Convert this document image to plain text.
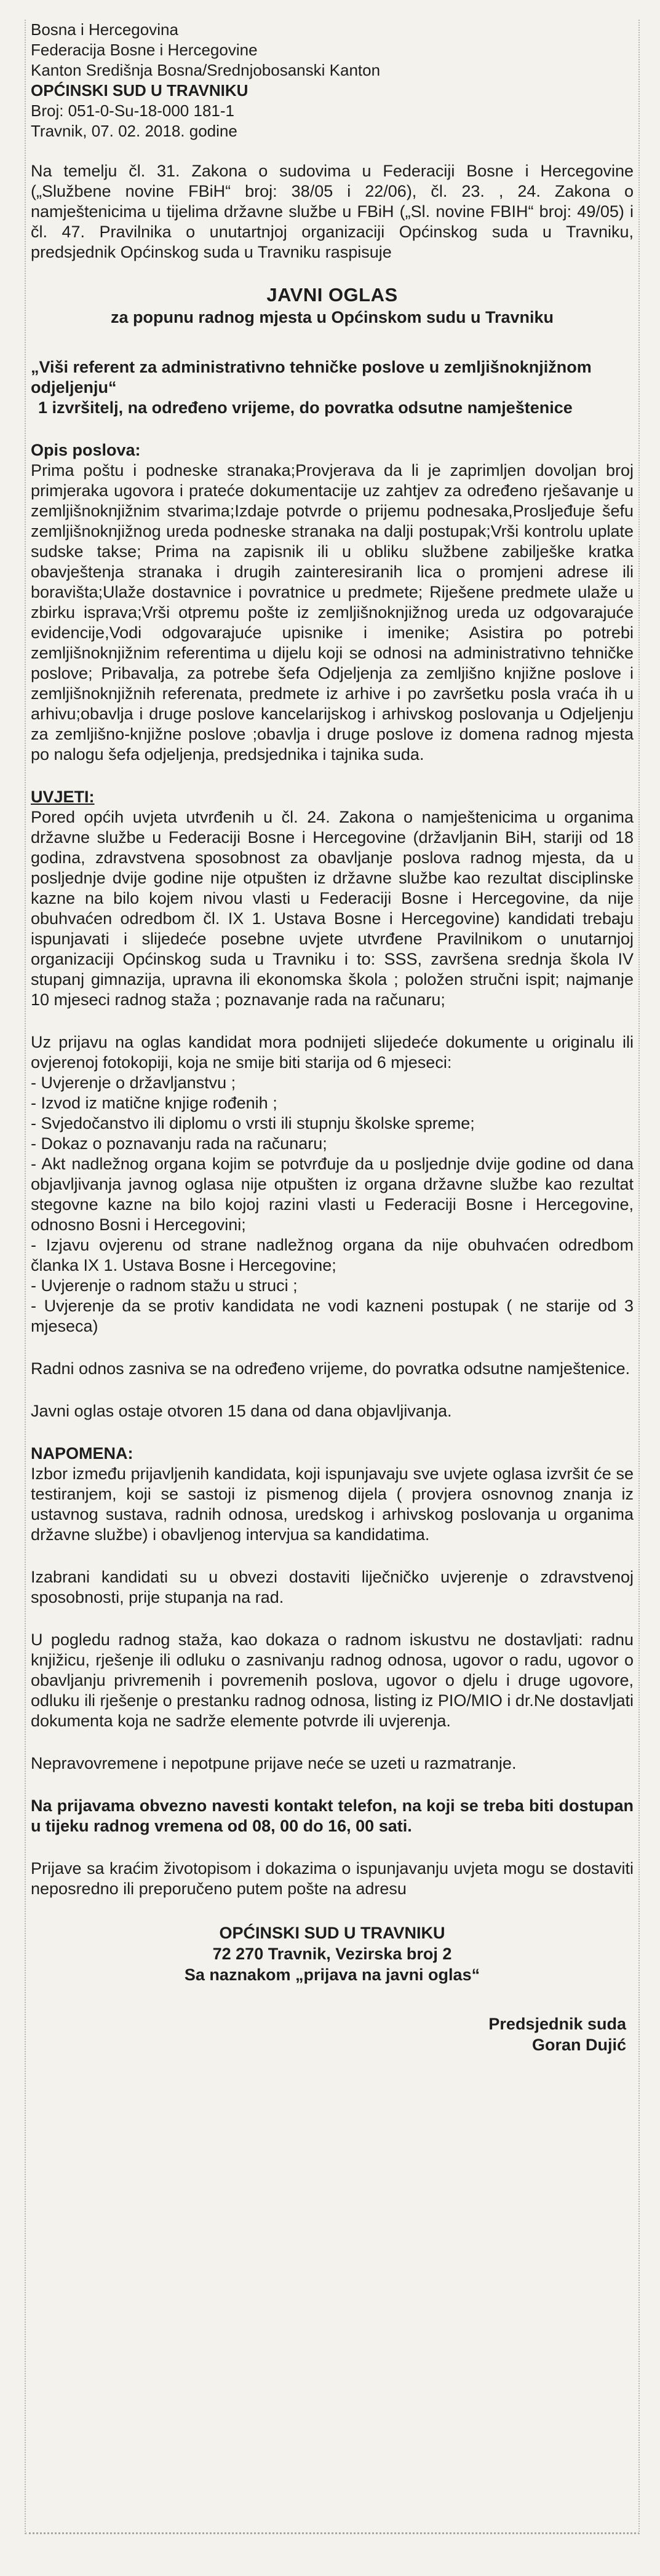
Bosna i Hercegovina
Federacija Bosne i Hercegovine
Kanton Središnja Bosna/Srednjobosanski Kanton
OPĆINSKI SUD U TRAVNIKU
Broj: 051-0-Su-18-000 181-1
Travnik, 07. 02. 2018. godine

Na temelju čl. 31. Zakona o sudovima u Federaciji Bosne i Hercegovine („Službene novine FBiH“ broj: 38/05 i 22/06), čl. 23. , 24. Zakona o namještenicima u tijelima državne službe u FBiH („Sl. novine FBIH“ broj: 49/05) i čl. 47. Pravilnika o unutartnjoj organizaciji Općinskog suda u Travniku, predsjednik Općinskog suda u Travniku raspisuje

JAVNI OGLAS
za popunu radnog mjesta u Općinskom sudu u Travniku
„Viši referent za administrativno tehničke poslove u zemljišnoknjižnom odjeljenju“
1 izvršitelj, na određeno vrijeme, do povratka odsutne namještenice
Opis poslova:

Prima poštu i podneske stranaka;Provjerava da li je zaprimljen dovoljan broj primjeraka ugovora i prateće dokumentacije uz zahtjev za određeno rješavanje u zemljišnoknjižnim stvarima;Izdaje potvrde o prijemu podnesaka,Prosljeđuje šefu zemljišnoknjižnog ureda podneske stranaka na dalji postupak;Vrši kontrolu uplate sudske takse; Prima na zapisnik ili u obliku službene zabilješke kratka obavještenja stranaka i drugih zainteresiranih lica o promjeni adrese ili boravišta;Ulaže dostavnice i povratnice u predmete; Riješene predmete ulaže u zbirku isprava;Vrši otpremu pošte iz zemljišnoknjižnog ureda uz odgovarajuće evidencije,Vodi odgovarajuće upisnike i imenike; Asistira po potrebi zemljišnoknjižnim referentima u dijelu koji se odnosi na administrativno tehničke poslove; Pribavalja, za potrebe šefa Odjeljenja za zemljišno knjižne poslove i zemljišnoknjižnih referenata, predmete iz arhive i po završetku posla vraća ih u arhivu;obavlja i druge poslove kancelarijskog i arhivskog poslovanja u Odjeljenju za zemljišno-knjižne poslove ;obavlja i druge poslove iz domena radnog mjesta po nalogu šefa odjeljenja, predsjednika i tajnika suda.

UVJETI:

Pored općih uvjeta utvrđenih u čl. 24. Zakona o namještenicima u organima državne službe u Federaciji Bosne i Hercegovine (državljanin BiH, stariji od 18 godina, zdravstvena sposobnost za obavljanje poslova radnog mjesta, da u posljednje dvije godine nije otpušten iz državne službe kao rezultat disciplinske kazne na bilo kojem nivou vlasti u Federaciji Bosne i Hercegovine, da nije obuhvaćen odredbom čl. IX 1. Ustava Bosne i Hercegovine) kandidati trebaju ispunjavati i slijedeće posebne uvjete utvrđene Pravilnikom o unutarnjoj organizaciji Općinskog suda u Travniku i to: SSS, završena srednja škola IV stupanj gimnazija, upravna ili ekonomska škola ; položen stručni ispit; najmanje 10 mjeseci radnog staža ; poznavanje rada na računaru;

Uz prijavu na oglas kandidat mora podnijeti slijedeće dokumente u originalu ili ovjerenoj fotokopiji, koja ne smije biti starija od 6 mjeseci:

- Uvjerenje o državljanstvu ;
- Izvod iz matične knjige rođenih ;
- Svjedočanstvo ili diplomu o vrsti ili stupnju školske spreme;
- Dokaz o poznavanju rada na računaru;
- Akt nadležnog organa kojim se potvrđuje da u posljednje dvije godine od dana objavljivanja javnog oglasa nije otpušten iz organa državne službe kao rezultat stegovne kazne na bilo kojoj razini vlasti u Federaciji Bosne i Hercegovine, odnosno Bosni i Hercegovini;
- Izjavu ovjerenu od strane nadležnog organa da nije obuhvaćen odredbom članka IX 1. Ustava Bosne i Hercegovine;
- Uvjerenje o radnom stažu u struci ;
- Uvjerenje da se protiv kandidata ne vodi kazneni postupak ( ne starije od 3 mjeseca)

Radni odnos zasniva se na određeno vrijeme, do povratka odsutne namještenice.

Javni oglas ostaje otvoren 15 dana od dana objavljivanja.

NAPOMENA:

Izbor između prijavljenih kandidata, koji ispunjavaju sve uvjete oglasa izvršit će se testiranjem, koji se sastoji iz pismenog dijela ( provjera osnovnog znanja iz ustavnog sustava, radnih odnosa, uredskog i arhivskog poslovanja u organima državne službe) i obavljenog intervjua sa kandidatima.

Izabrani kandidati su u obvezi dostaviti liječničko uvjerenje o zdravstvenoj sposobnosti, prije stupanja na rad.

U pogledu radnog staža, kao dokaza o radnom iskustvu ne dostavljati: radnu knjižicu, rješenje ili odluku o zasnivanju radnog odnosa, ugovor o radu, ugovor o obavljanju privremenih i povremenih poslova, ugovor o djelu i druge ugovore, odluku ili rješenje o prestanku radnog odnosa, listing iz PIO/MIO i dr.Ne dostavljati dokumenta koja ne sadrže elemente potvrde ili uvjerenja.

Nepravovremene i nepotpune prijave neće se uzeti u razmatranje.

Na prijavama obvezno navesti kontakt telefon, na koji se treba biti dostupan u tijeku radnog vremena od 08, 00 do 16, 00 sati.

Prijave sa kraćim životopisom i dokazima o ispunjavanju uvjeta mogu se dostaviti neposredno ili preporučeno putem pošte na adresu

OPĆINSKI SUD U TRAVNIKU
72 270 Travnik, Vezirska broj 2
Sa naznakom „prijava na javni oglas“
Predsjednik suda
Goran Dujić
